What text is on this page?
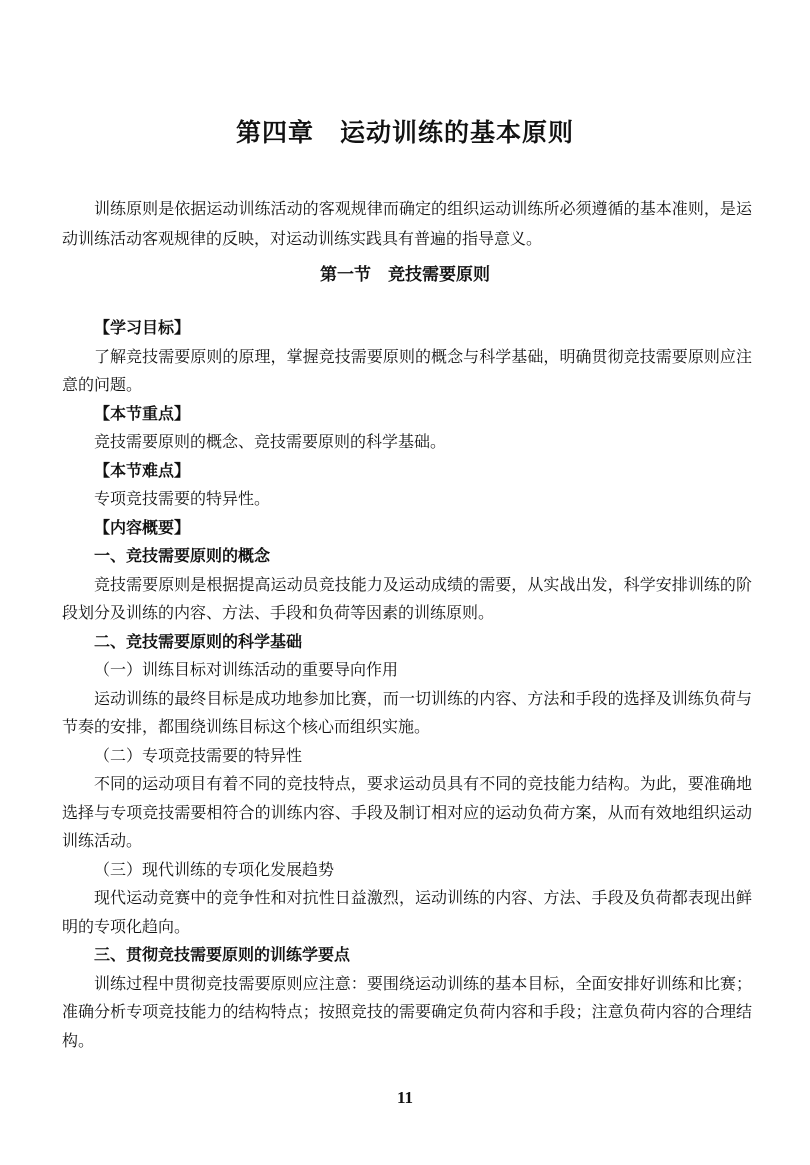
第四章　运动训练的基本原则

训练原则是依据运动训练活动的客观规律而确定的组织运动训练所必须遵循的基本准则，是运动训练活动客观规律的反映，对运动训练实践具有普遍的指导意义。

第一节　竞技需要原则

【学习目标】

了解竞技需要原则的原理，掌握竞技需要原则的概念与科学基础，明确贯彻竞技需要原则应注意的问题。

【本节重点】

竞技需要原则的概念、竞技需要原则的科学基础。

【本节难点】

专项竞技需要的特异性。

【内容概要】

一、竞技需要原则的概念

竞技需要原则是根据提高运动员竞技能力及运动成绩的需要，从实战出发，科学安排训练的阶段划分及训练的内容、方法、手段和负荷等因素的训练原则。

二、竞技需要原则的科学基础

（一）训练目标对训练活动的重要导向作用

运动训练的最终目标是成功地参加比赛，而一切训练的内容、方法和手段的选择及训练负荷与节奏的安排，都围绕训练目标这个核心而组织实施。

（二）专项竞技需要的特异性

不同的运动项目有着不同的竞技特点，要求运动员具有不同的竞技能力结构。为此，要准确地选择与专项竞技需要相符合的训练内容、手段及制订相对应的运动负荷方案，从而有效地组织运动训练活动。

（三）现代训练的专项化发展趋势

现代运动竞赛中的竞争性和对抗性日益激烈，运动训练的内容、方法、手段及负荷都表现出鲜明的专项化趋向。

三、贯彻竞技需要原则的训练学要点

训练过程中贯彻竞技需要原则应注意：要围绕运动训练的基本目标，全面安排好训练和比赛；准确分析专项竞技能力的结构特点；按照竞技的需要确定负荷内容和手段；注意负荷内容的合理结构。

11
